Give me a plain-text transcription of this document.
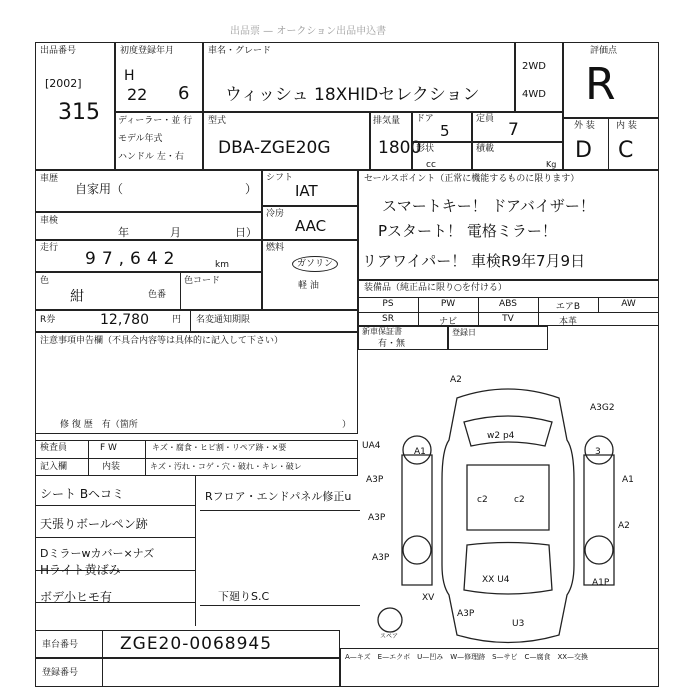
出品票 — オークション出品申込書
出品番号
[2002]
315
初度登録年月
H
22 6
車名・グレード
ウィッシュ 18XHIDセレクション
2WD
4WD
評価点
R
ディーラー・並 行
モデル年式
ハンドル 左・右
型式
DBA-ZGE20G
排気量
1800
cc
ドア
5
定員
7
形状	積載
Kg
外 装 内 装
D C
車歴
自家用（	）
車検
年	月	日）
走行
97,642	km
色
紺	色番
色コード
シフト
IAT
冷房
AAC
燃料
ガソリン
軽 油
セールスポイント（正常に機能するものに限ります）
スマートキー！ ドアバイザー！
Pスタート！ 電格ミラー！
リアワイパー！ 車検R9年7月9日
装備品（純正品に限り○を付ける）
PS	PW	ABS	エアB	AW
SR	ナビ	TV	本革
新車保証書
有・無
登録日
R券	12,780	円 名変通知期限
注意事項申告欄（不具合内容等は具体的に記入して下さい）
修 復 歴　有（箇所	）
検査員	F W	キズ・腐食・ヒビ割・リペア跡・×要
記入欄	内装	キズ・汚れ・コゲ・穴・破れ・キレ・破レ
シート Bヘコミ
天張りボールペン跡
Dミラーwカバー×ナズ
Hライト黄ばみ
ボデ小ヒモ有
Rフロア・エンドパネル修正u
下廻りS.C
A2
A3G2
UA4
A3P
A3P
A1
A2
A3P
A1P
XX U4
A3P
U3
c2	c2
w2 p4
XV
3
A1
スペア
車台番号 ZGE20-0068945
登録番号
A—キズ　E—エクボ　U—凹み　W—修理跡　S—サビ　C—腐食　XX—交換
